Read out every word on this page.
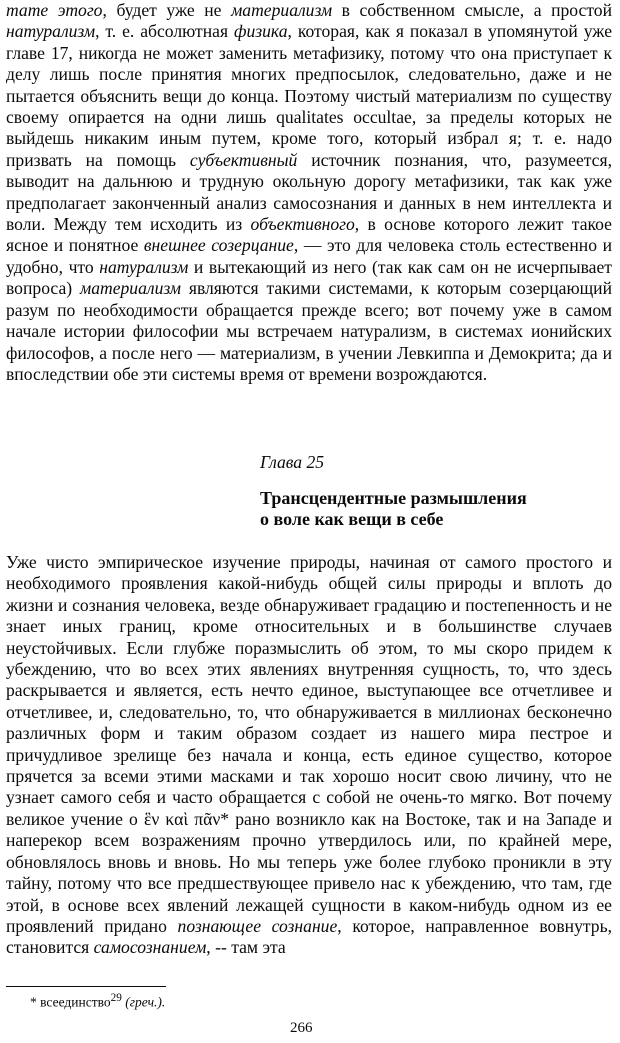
тате этого, будет уже не материализм в собственном смысле, а простой натурализм, т. е. абсолютная физика, которая, как я показал в упомянутой уже главе 17, никогда не может заменить метафизику, потому что она приступает к делу лишь после принятия многих предпосылок, следовательно, даже и не пытается объяснить вещи до конца. Поэтому чистый материализм по существу своему опирается на одни лишь qualitates occultae, за пределы которых не выйдешь никаким иным путем, кроме того, который избрал я; т. е. надо призвать на помощь субъективный источник познания, что, разумеется, выводит на дальнюю и трудную окольную дорогу метафизики, так как уже предполагает законченный анализ самосознания и данных в нем интеллекта и воли. Между тем исходить из объективного, в основе которого лежит такое ясное и понятное внешнее созерцание, — это для человека столь естественно и удобно, что натурализм и вытекающий из него (так как сам он не исчерпывает вопроса) материализм являются такими системами, к которым созерцающий разум по необходимости обращается прежде всего; вот почему уже в самом начале истории философии мы встречаем натурализм, в системах ионийских философов, а после него — материализм, в учении Левкиппа и Демокрита; да и впоследствии обе эти системы время от времени возрождаются.

Глава 25

Трансцендентные размышления
о воле как вещи в себе

Уже чисто эмпирическое изучение природы, начиная от самого простого и необходимого проявления какой-нибудь общей силы природы и вплоть до жизни и сознания человека, везде обнаруживает градацию и постепенность и не знает иных границ, кроме относительных и в большинстве случаев неустойчивых. Если глубже поразмыслить об этом, то мы скоро придем к убеждению, что во всех этих явлениях внутренняя сущность, то, что здесь раскрывается и является, есть нечто единое, выступающее все отчетливее и отчетливее, и, следовательно, то, что обнаруживается в миллионах бесконечно различных форм и таким образом создает из нашего мира пестрое и причудливое зрелище без начала и конца, есть единое существо, которое прячется за всеми этими масками и так хорошо носит свою личину, что не узнает самого себя и часто обращается с собой не очень-то мягко. Вот почему великое учение о ἓν καὶ πᾶν* рано возникло как на Востоке, так и на Западе и наперекор всем возражениям прочно утвердилось или, по крайней мере, обновлялось вновь и вновь. Но мы теперь уже более глубоко проникли в эту тайну, потому что все предшествующее привело нас к убеждению, что там, где этой, в основе всех явлений лежащей сущности в каком-нибудь одном из ее проявлений придано познающее сознание, которое, направленное вовнутрь, становится самосознанием, -- там эта

* всеединство$^{29}$ (греч.).

266
